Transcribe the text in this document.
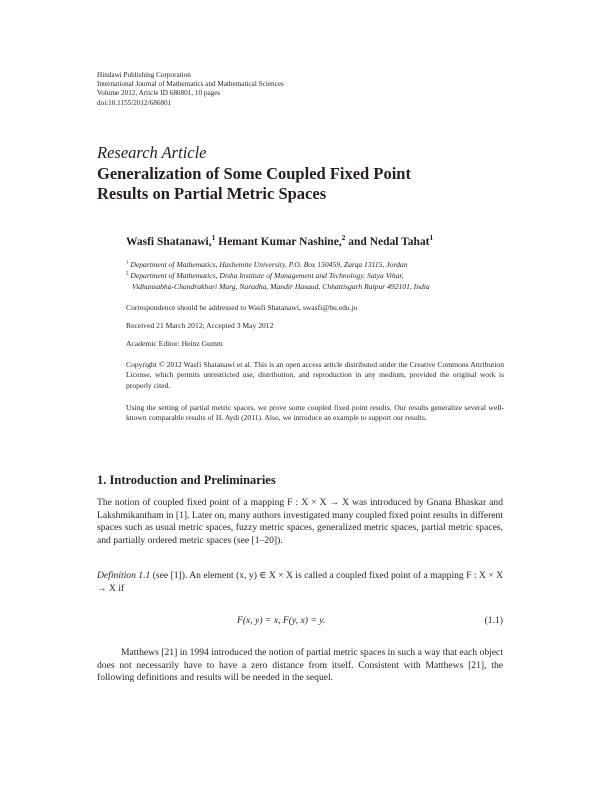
Hindawi Publishing Corporation
International Journal of Mathematics and Mathematical Sciences
Volume 2012, Article ID 686801, 10 pages
doi:10.1155/2012/686801
Research Article
Generalization of Some Coupled Fixed Point
Results on Partial Metric Spaces
Wasfi Shatanawi,$^1$ Hemant Kumar Nashine,$^2$ and Nedal Tahat$^1$
$^1$ Department of Mathematics, Hashemite University, P.O. Box 150459, Zarqa 13115, Jordan
$^2$ Department of Mathematics, Disha Institute of Management and Technology, Satya Vihar,
Vidhansabha-Chandrakhuri Marg, Naradha, Mandir Hasaud, Chhattisgarh Raipur 492101, India
Correspondence should be addressed to Wasfi Shatanawi, swasfi@hu.edu.jo
Received 21 March 2012; Accepted 3 May 2012
Academic Editor: Heinz Gumm
Copyright © 2012 Wasfi Shatanawi et al. This is an open access article distributed under the Creative Commons Attribution License, which permits unrestricted use, distribution, and reproduction in any medium, provided the original work is properly cited.
Using the setting of partial metric spaces, we prove some coupled fixed point results. Our results generalize several well-known comparable results of H. Aydi (2011). Also, we introduce an example to support our results.
1. Introduction and Preliminaries
The notion of coupled fixed point of a mapping F : X × X → X was introduced by Gnana Bhaskar and Lakshmikantham in [1]. Later on, many authors investigated many coupled fixed point results in different spaces such as usual metric spaces, fuzzy metric spaces, generalized metric spaces, partial metric spaces, and partially ordered metric spaces (see [1–20]).
Definition 1.1 (see [1]). An element (x, y) ∈ X × X is called a coupled fixed point of a mapping F : X × X → X if
F(x, y) = x, F(y, x) = y.	(1.1)
Matthews [21] in 1994 introduced the notion of partial metric spaces in such a way that each object does not necessarily have to have a zero distance from itself. Consistent with Matthews [21], the following definitions and results will be needed in the sequel.
